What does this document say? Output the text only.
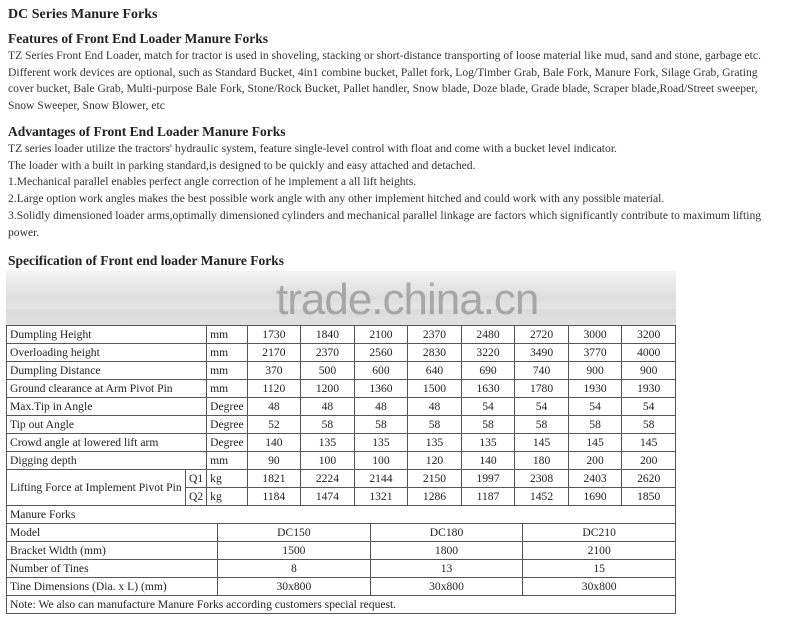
DC Series Manure Forks
Features of Front End Loader Manure Forks

TZ Series Front End Loader, match for tractor is used in shoveling, stacking or short-distance transporting of loose material like mud, sand and stone, garbage etc.

Different work devices are optional, such as Standard Bucket, 4in1 combine bucket, Pallet fork, Log/Timber Grab, Bale Fork, Manure Fork, Silage Grab, Grating

cover bucket, Bale Grab, Multi-purpose Bale Fork, Stone/Rock Bucket, Pallet handler, Snow blade, Doze blade, Grade blade, Scraper blade,Road/Street sweeper,

Snow Sweeper, Snow Blower, etc

Advantages of Front End Loader Manure Forks

TZ series loader utilize the tractors' hydraulic system, feature single-level control with float and come with a bucket level indicator.

The loader with a built in parking standard,is designed to be quickly and easy attached and detached.

1.Mechanical parallel enables perfect angle correction of he implement a all lift heights.

2.Large option work angles makes the best possible work angle with any other implement hitched and could work with any possible material.

3.Solidly dimensioned loader arms,optimally dimensioned cylinders and mechanical parallel linkage are factors which significantly contribute to maximum lifting

power.

Specification of Front end loader Manure Forks
trade.china.cn
Dumpling Height		mm	1730	1840	2100	2370	2480	2720	3000	3200
Overloading height		mm	2170	2370	2560	2830	3220	3490	3770	4000
Dumpling Distance		mm	370	500	600	640	690	740	900	900
Ground clearance at Arm Pivot Pin		mm	1120	1200	1360	1500	1630	1780	1930	1930
Max.Tip in Angle		Degree	48	48	48	48	54	54	54	54
Tip out Angle		Degree	52	58	58	58	58	58	58	58
Crowd angle at lowered lift arm		Degree	140	135	135	135	135	145	145	145
Digging depth		mm	90	100	100	120	140	180	200	200
Lifting Force at Implement Pivot Pin	Q1	kg	1821	2224	2144	2150	1997	2308	2403	2620
	Q2	kg	1184	1474	1321	1286	1187	1452	1690	1850
Manure Forks			
Model	DC150	DC180	DC210
Bracket Width (mm)	1500	1800	2100
Number of Tines	8	13	15
Tine Dimensions (Dia. x L) (mm)	30x800	30x800	30x800
Note: We also can manufacture Manure Forks according customers special request.			
